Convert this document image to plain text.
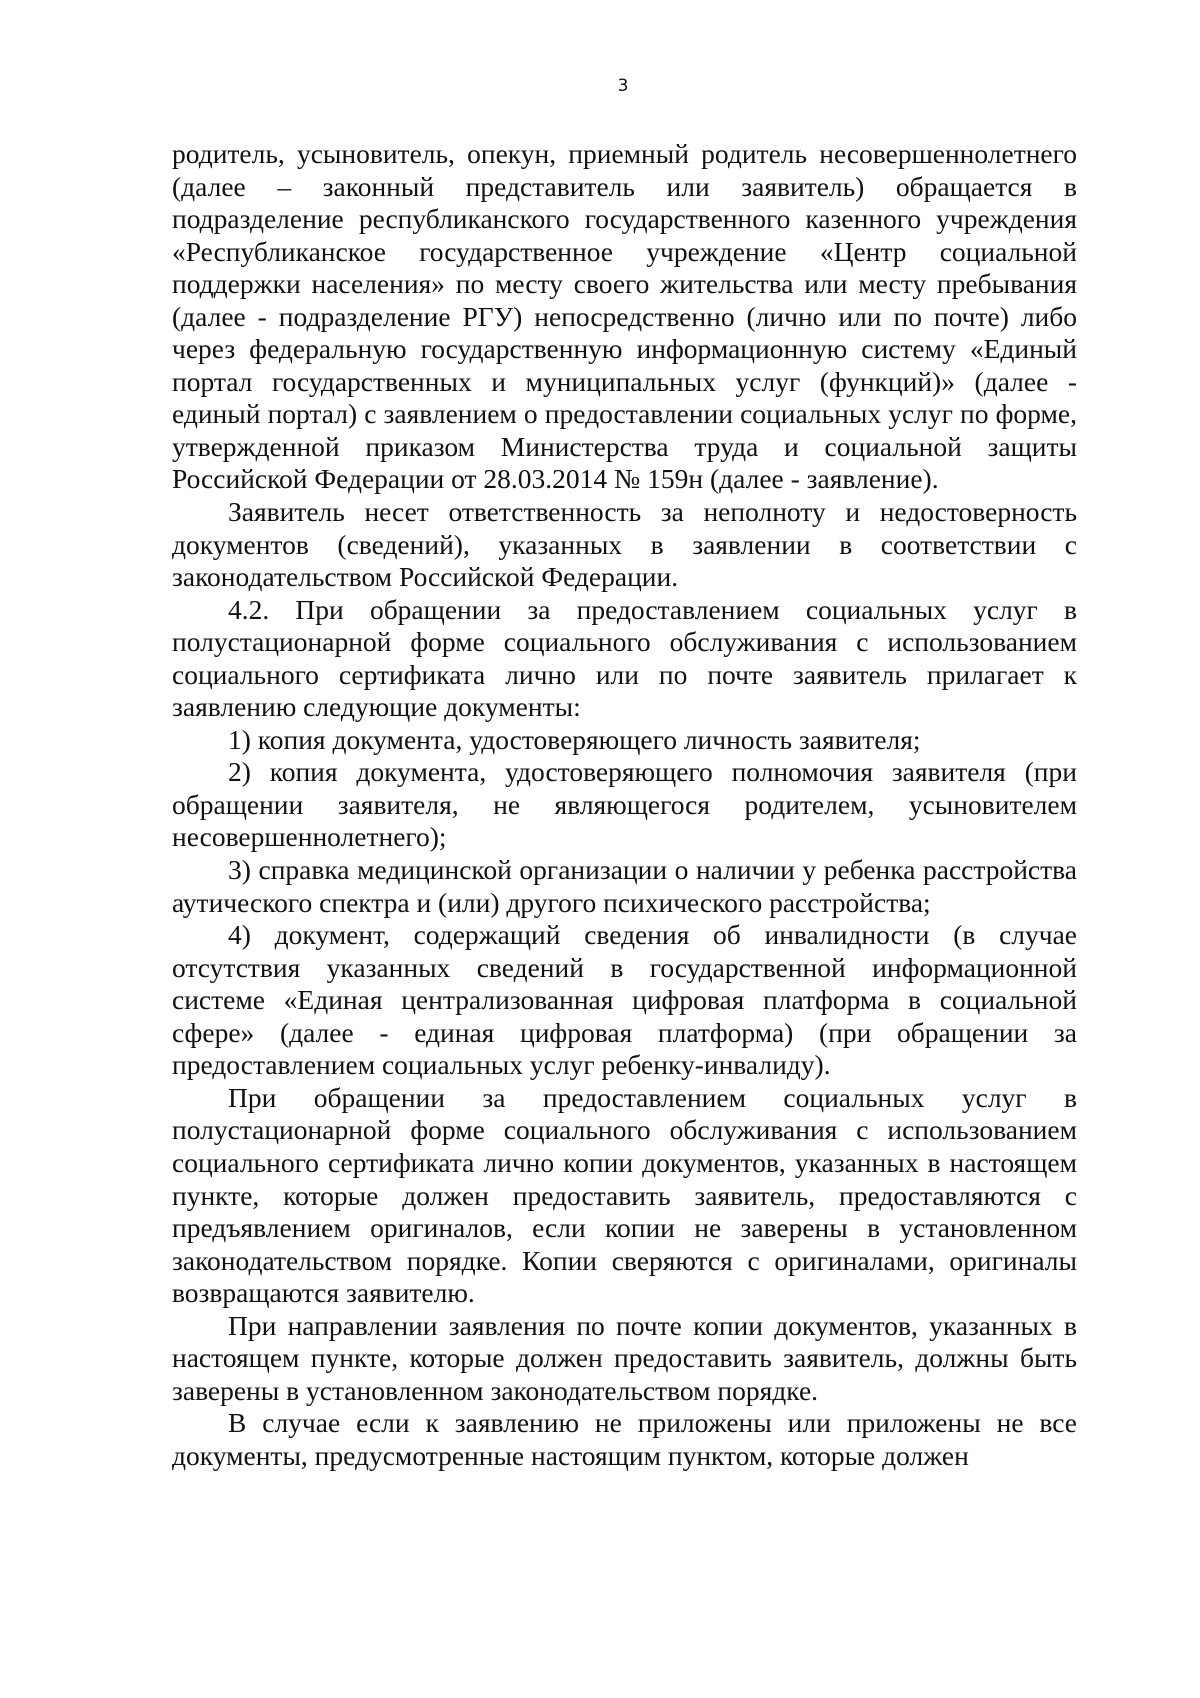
3

родитель, усыновитель, опекун, приемный родитель несовершеннолетнего (далее – законный представитель или заявитель) обращается в подразделение республиканского государственного казенного учреждения «Республиканское государственное учреждение «Центр социальной поддержки населения» по месту своего жительства или месту пребывания (далее - подразделение РГУ) непосредственно (лично или по почте) либо через федеральную государственную информационную систему «Единый портал государственных и муниципальных услуг (функций)» (далее - единый портал) с заявлением о предоставлении социальных услуг по форме, утвержденной приказом Министерства труда и социальной защиты Российской Федерации от 28.03.2014 № 159н (далее - заявление).

Заявитель несет ответственность за неполноту и недостоверность документов (сведений), указанных в заявлении в соответствии с законодательством Российской Федерации.

4.2. При обращении за предоставлением социальных услуг в полустационарной форме социального обслуживания с использованием социального сертификата лично или по почте заявитель прилагает к заявлению следующие документы:

1) копия документа, удостоверяющего личность заявителя;

2) копия документа, удостоверяющего полномочия заявителя (при обращении заявителя, не являющегося родителем, усыновителем несовершеннолетнего);

3) справка медицинской организации о наличии у ребенка расстройства аутического спектра и (или) другого психического расстройства;

4) документ, содержащий сведения об инвалидности (в случае отсутствия указанных сведений в государственной информационной системе «Единая централизованная цифровая платформа в социальной сфере» (далее - единая цифровая платформа) (при обращении за предоставлением социальных услуг ребенку-инвалиду).

При обращении за предоставлением социальных услуг в полустационарной форме социального обслуживания с использованием социального сертификата лично копии документов, указанных в настоящем пункте, которые должен предоставить заявитель, предоставляются с предъявлением оригиналов, если копии не заверены в установленном законодательством порядке. Копии сверяются с оригиналами, оригиналы возвращаются заявителю.

При направлении заявления по почте копии документов, указанных в настоящем пункте, которые должен предоставить заявитель, должны быть заверены в установленном законодательством порядке.

В случае если к заявлению не приложены или приложены не все документы, предусмотренные настоящим пунктом, которые должен
